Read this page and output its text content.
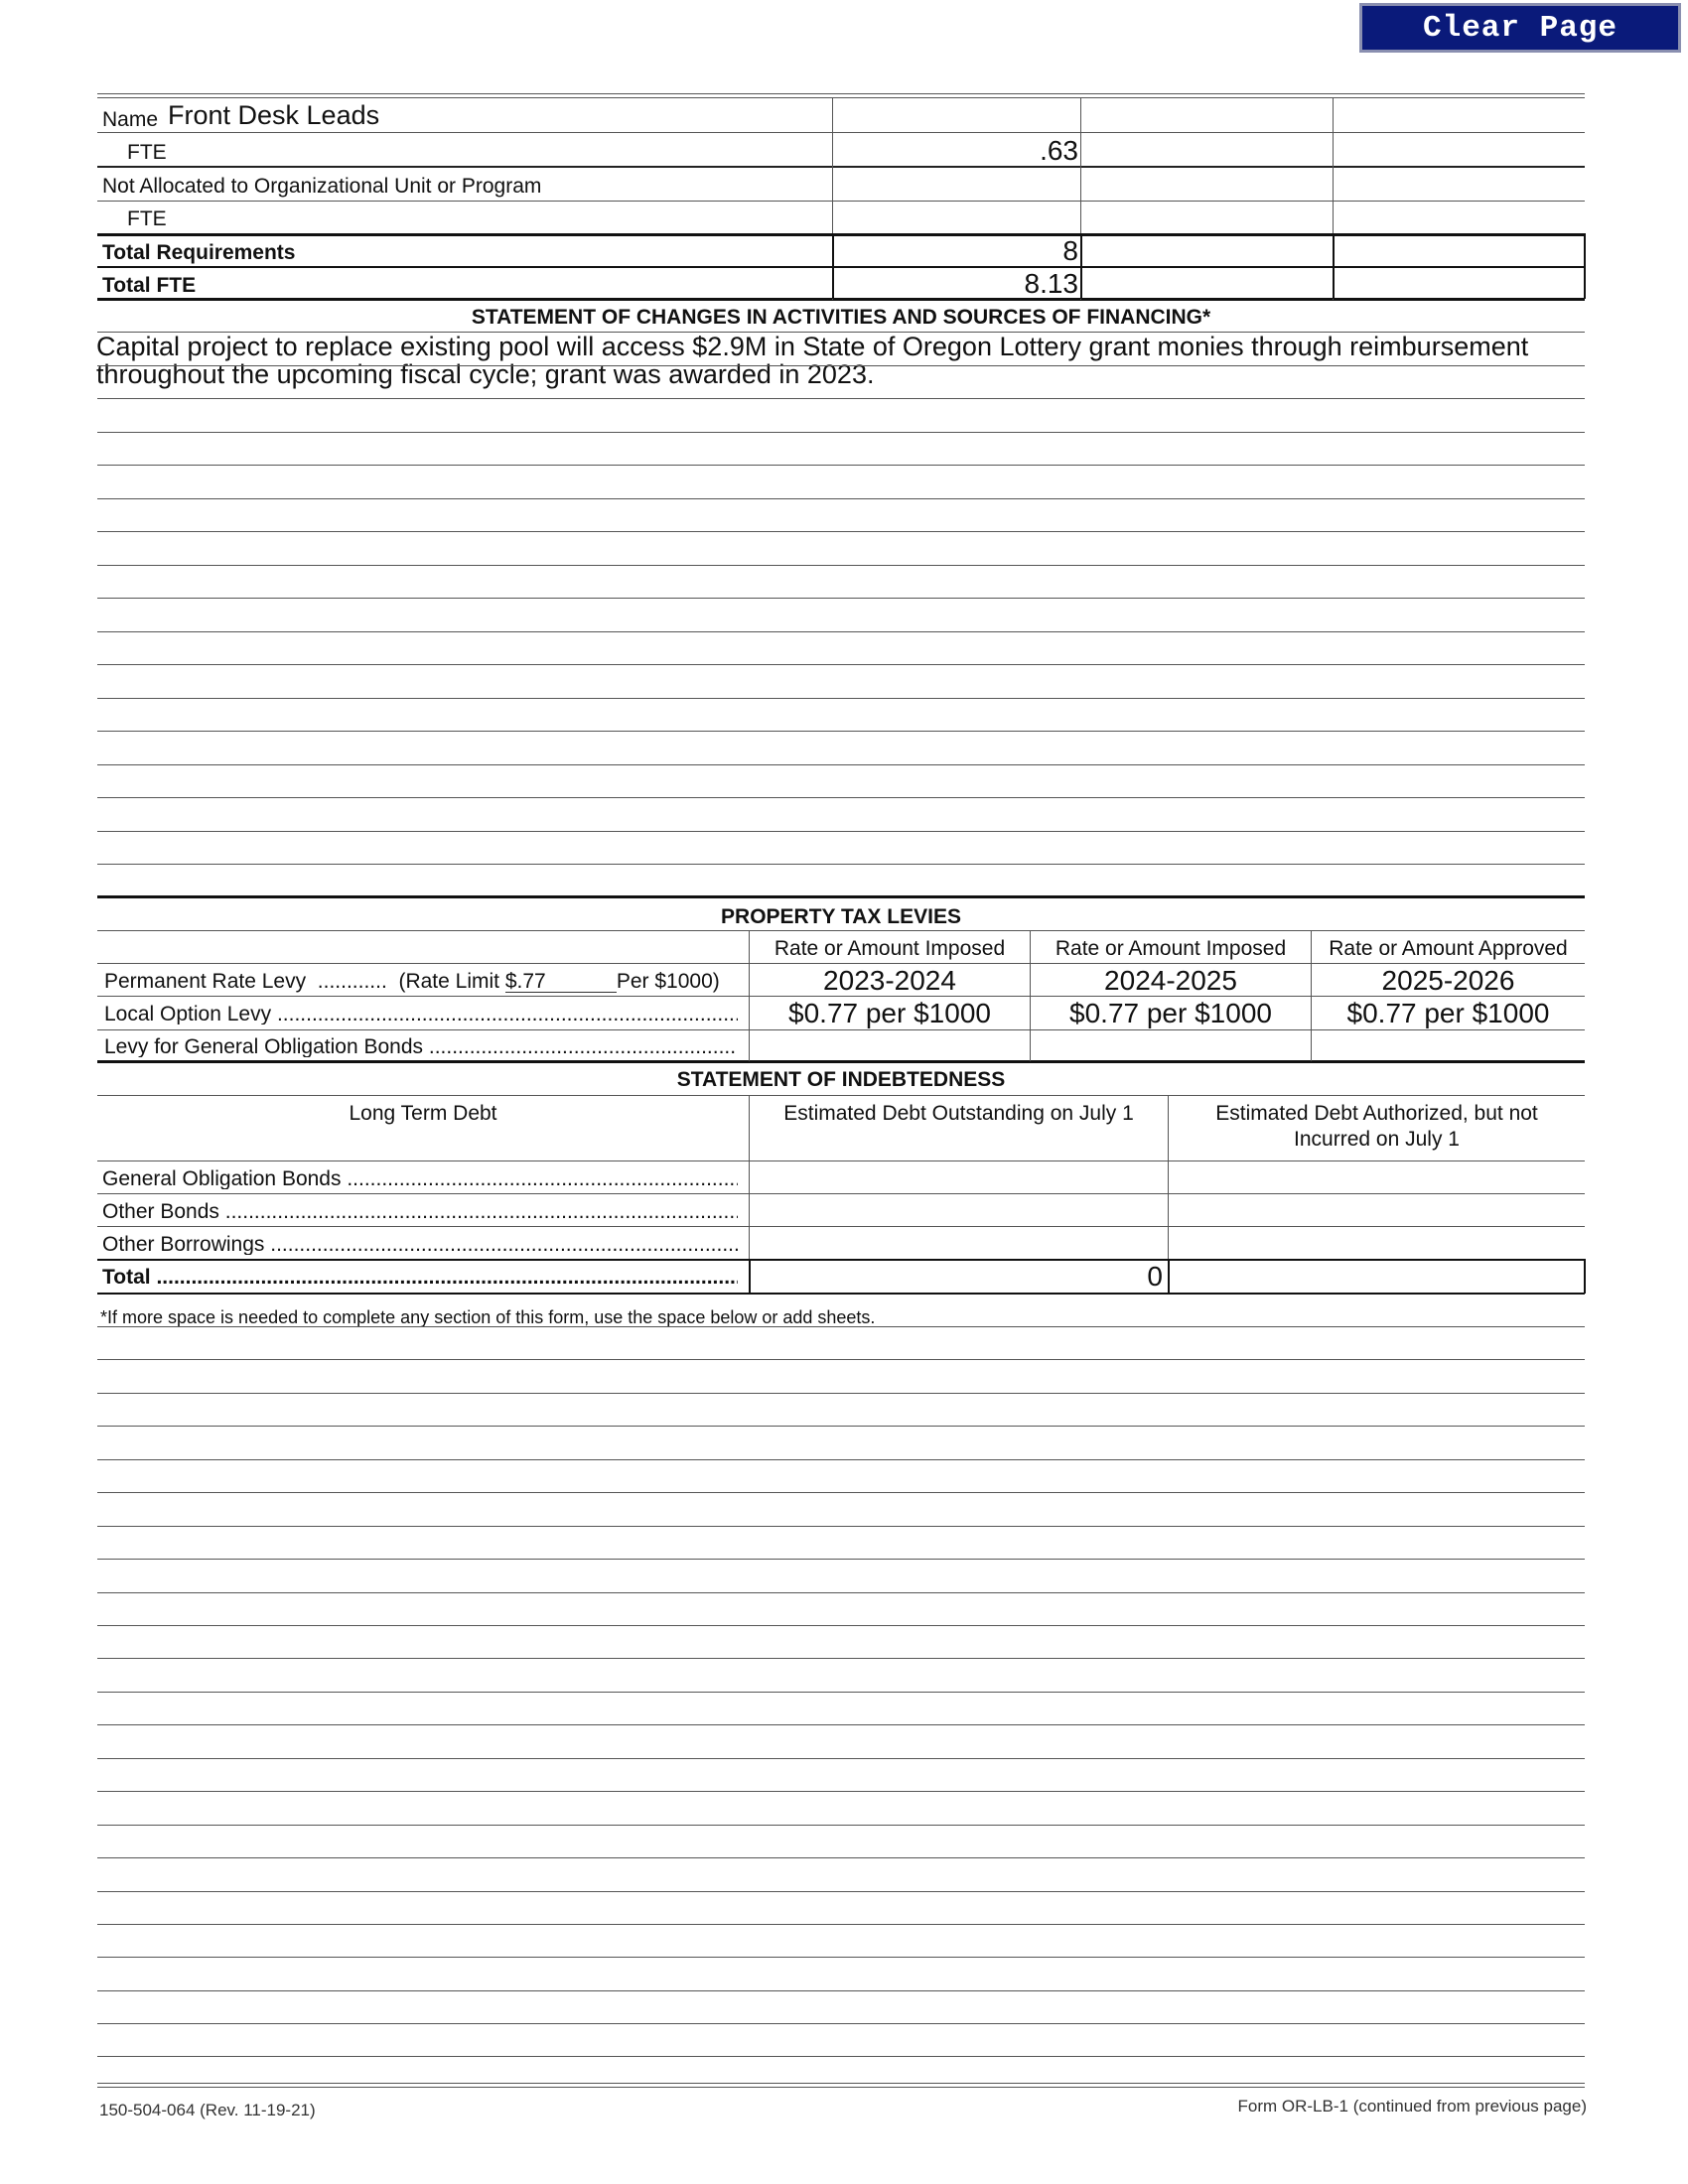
Clear Page
Name Front Desk Leads
FTE	.63
Not Allocated to Organizational Unit or Program
FTE
Total Requirements	8
Total FTE	8.13
STATEMENT OF CHANGES IN ACTIVITIES AND SOURCES OF FINANCING*
Capital project to replace existing pool will access $2.9M in State of Oregon Lottery grant monies through reimbursement
throughout the upcoming fiscal cycle; grant was awarded in 2023.
PROPERTY TAX LEVIES
Rate or Amount Imposed	Rate or Amount Imposed	Rate or Amount Approved
Permanent Rate Levy ............ (Rate Limit $.77	Per $1000)	2023-2024	2024-2025	2025-2026
Local Option Levy .....	$0.77 per $1000	$0.77 per $1000	$0.77 per $1000
Levy for General Obligation Bonds .....
STATEMENT OF INDEBTEDNESS
Long Term Debt	Estimated Debt Outstanding on July 1	Estimated Debt Authorized, but not
Incurred on July 1
General Obligation Bonds .....
Other Bonds .....
Other Borrowings .....
Total .....	0
*If more space is needed to complete any section of this form, use the space below or add sheets.
150-504-064 (Rev. 11-19-21)	Form OR-LB-1 (continued from previous page)
